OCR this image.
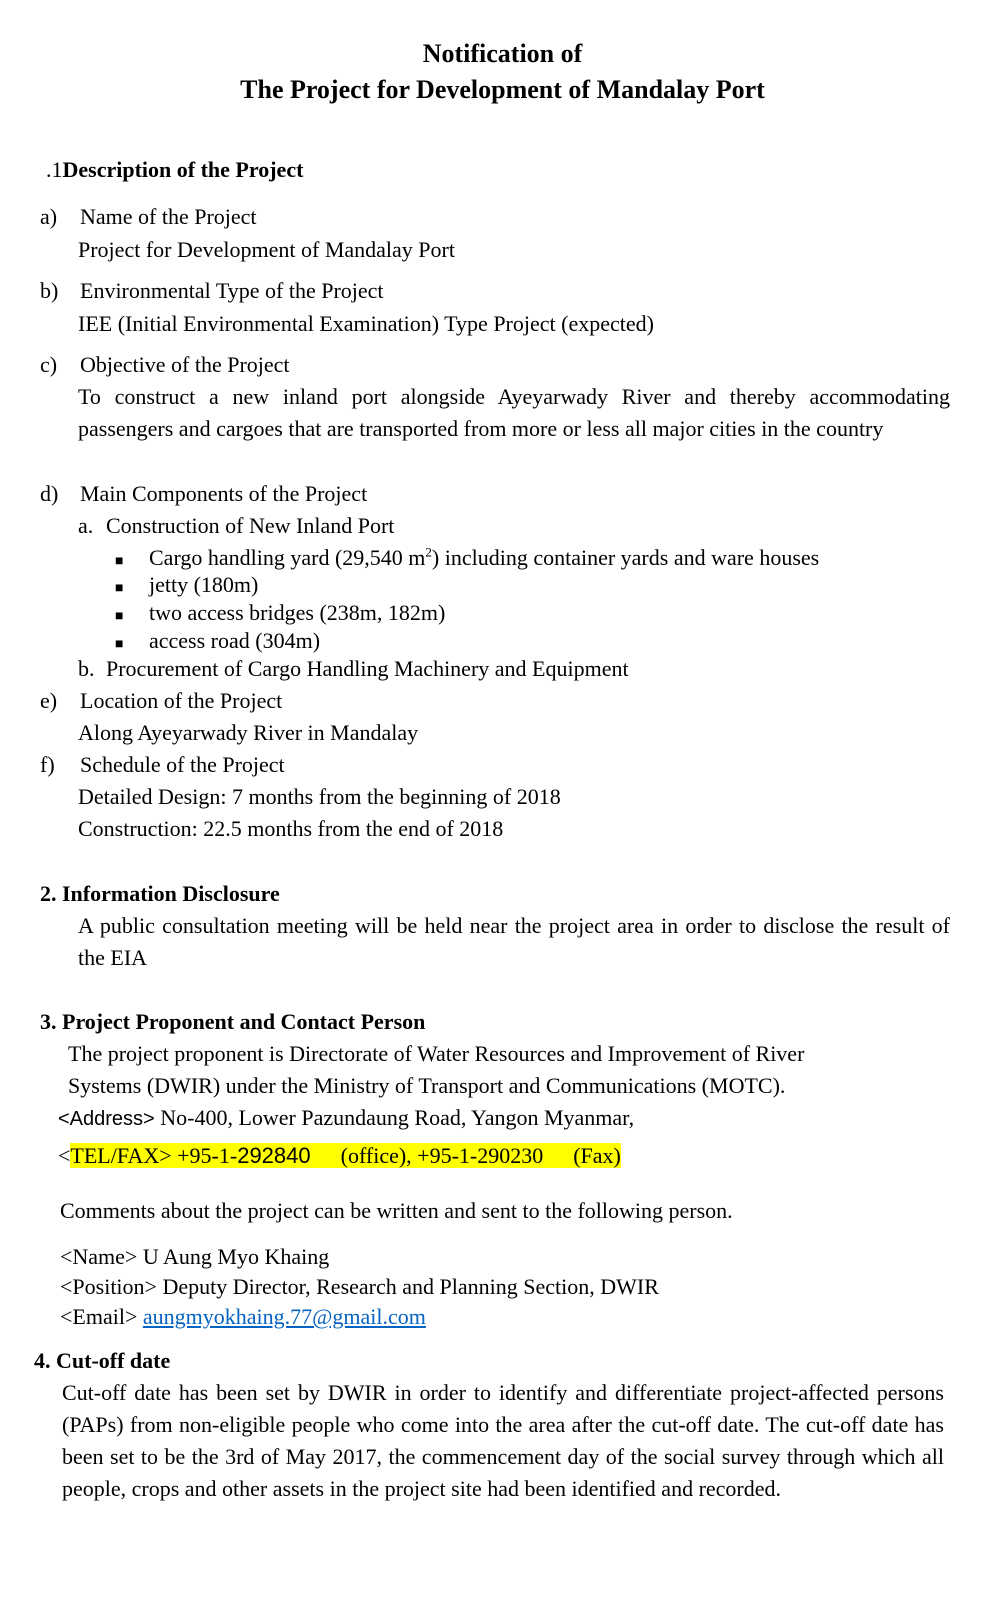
Notification of
The Project for Development of Mandalay Port
.1Description of the Project
a) Name of the Project
Project for Development of Mandalay Port
b) Environmental Type of the Project
IEE (Initial Environmental Examination) Type Project (expected)
c) Objective of the Project
To construct a new inland port alongside Ayeyarwady River and thereby accommodating passengers and cargoes that are transported from more or less all major cities in the country
d) Main Components of the Project
a. Construction of New Inland Port
■ Cargo handling yard (29,540 $m^2$) including container yards and ware houses
■ jetty (180m)
■ two access bridges (238m, 182m)
■ access road (304m)
b. Procurement of Cargo Handling Machinery and Equipment
e) Location of the Project
Along Ayeyarwady River in Mandalay
f) Schedule of the Project
Detailed Design: 7 months from the beginning of 2018
Construction: 22.5 months from the end of 2018
2. Information Disclosure
A public consultation meeting will be held near the project area in order to disclose the result of the EIA
3. Project Proponent and Contact Person
The project proponent is Directorate of Water Resources and Improvement of River
Systems (DWIR) under the Ministry of Transport and Communications (MOTC).
<Address> No-400, Lower Pazundaung Road, Yangon Myanmar,
<TEL/FAX> +95-1-292840 (office), +95-1-290230 (Fax)
Comments about the project can be written and sent to the following person.
<Name> U Aung Myo Khaing
<Position> Deputy Director, Research and Planning Section, DWIR
<Email> aungmyokhaing.77@gmail.com
4. Cut-off date
Cut-off date has been set by DWIR in order to identify and differentiate project-affected persons (PAPs) from non-eligible people who come into the area after the cut-off date. The cut-off date has been set to be the 3rd of May 2017, the commencement day of the social survey through which all people, crops and other assets in the project site had been identified and recorded.
